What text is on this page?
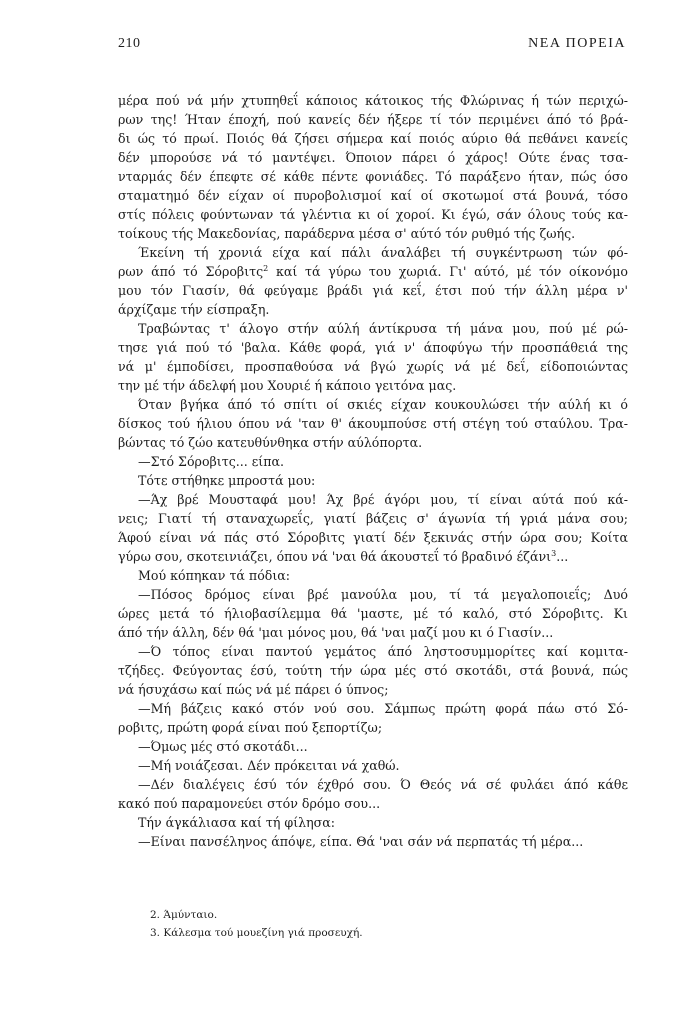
210	ΝΕΑ ΠΟΡΕΙΑ
μέρα πού νά μήν χτυπηθεΐ κάποιος κάτοικος τής Φλώρινας ή τών περιχώ-
ρων της! Ήταν έποχή, πού κανείς δέν ήξερε τί τόν περιμένει άπό τό βρά-
δι ώς τό πρωί. Ποιός θά ζήσει σήμερα καί ποιός αύριο θά πεθάνει κανείς
δέν μπορούσε νά τό μαντέψει. Όποιον πάρει ό χάρος! Ούτε ένας τσα-
νταρμάς δέν έπεφτε σέ κάθε πέντε φονιάδες. Τό παράξενο ήταν, πώς όσο
σταματημό δέν είχαν οί πυροβολισμοί καί οί σκοτωμοί στά βουνά, τόσο
στίς πόλεις φούντωναν τά γλέντια κι οί χοροί. Κι έγώ, σάν όλους τούς κα-
τοίκους τής Μακεδονίας, παράδερνα μέσα σ' αύτό τόν ρυθμό τής ζωής.
Έκείνη τή χρονιά είχα καί πάλι άναλάβει τή συγκέντρωση τών φό-
ρων άπό τό Σόροβιτς$^2$ καί τά γύρω του χωριά. Γι' αύτό, μέ τόν οίκονόμο
μου τόν Γιασίν, θά φεύγαμε βράδι γιά κεΐ, έτσι πού τήν άλλη μέρα ν'
άρχίζαμε τήν είσπραξη.
Τραβώντας τ' άλογο στήν αύλή άντίκρυσα τή μάνα μου, πού μέ ρώ-
τησε γιά πού τό 'βαλα. Κάθε φορά, γιά ν' άποφύγω τήν προσπάθειά της
νά μ' έμποδίσει, προσπαθούσα νά βγώ χωρίς νά μέ δεΐ, είδοποιώντας
την μέ τήν άδελφή μου Χουριέ ή κάποιο γειτόνα μας.
Όταν βγήκα άπό τό σπίτι οί σκιές είχαν κουκουλώσει τήν αύλή κι ό
δίσκος τού ήλιου όπου νά 'ταν θ' άκουμπούσε στή στέγη τού σταύλου. Τρα-
βώντας τό ζώο κατευθύνθηκα στήν αύλόπορτα.
—Στό Σόροβιτς... είπα.
Τότε στήθηκε μπροστά μου:
—Άχ βρέ Μουσταφά μου! Άχ βρέ άγόρι μου, τί είναι αύτά πού κά-
νεις; Γιατί τή σταναχωρεΐς, γιατί βάζεις σ' άγωνία τή γριά μάνα σου;
Άφού είναι νά πάς στό Σόροβιτς γιατί δέν ξεκινάς στήν ώρα σου; Κοίτα
γύρω σου, σκοτεινιάζει, όπου νά 'ναι θά άκουστεΐ τό βραδινό έζάνι$^3$...
Μού κόπηκαν τά πόδια:
—Πόσος δρόμος είναι βρέ μανούλα μου, τί τά μεγαλοποιεΐς; Δυό
ώρες μετά τό ήλιοβασίλεμμα θά 'μαστε, μέ τό καλό, στό Σόροβιτς. Κι
άπό τήν άλλη, δέν θά 'μαι μόνος μου, θά 'ναι μαζί μου κι ό Γιασίν...
—Ό τόπος είναι παντού γεμάτος άπό ληστοσυμμορίτες καί κομιτα-
τζήδες. Φεύγοντας έσύ, τούτη τήν ώρα μές στό σκοτάδι, στά βουνά, πώς
νά ήσυχάσω καί πώς νά μέ πάρει ό ύπνος;
—Μή βάζεις κακό στόν νού σου. Σάμπως πρώτη φορά πάω στό Σό-
ροβιτς, πρώτη φορά είναι πού ξεπορτίζω;
—Όμως μές στό σκοτάδι...
—Μή νοιάζεσαι. Δέν πρόκειται νά χαθώ.
—Δέν διαλέγεις έσύ τόν έχθρό σου. Ό Θεός νά σέ φυλάει άπό κάθε
κακό πού παραμονεύει στόν δρόμο σου...
Τήν άγκάλιασα καί τή φίλησα:
—Είναι πανσέληνος άπόψε, είπα. Θά 'ναι σάν νά περπατάς τή μέρα...
2. Άμύνταιο.
3. Κάλεσμα τού μουεζίνη γιά προσευχή.
